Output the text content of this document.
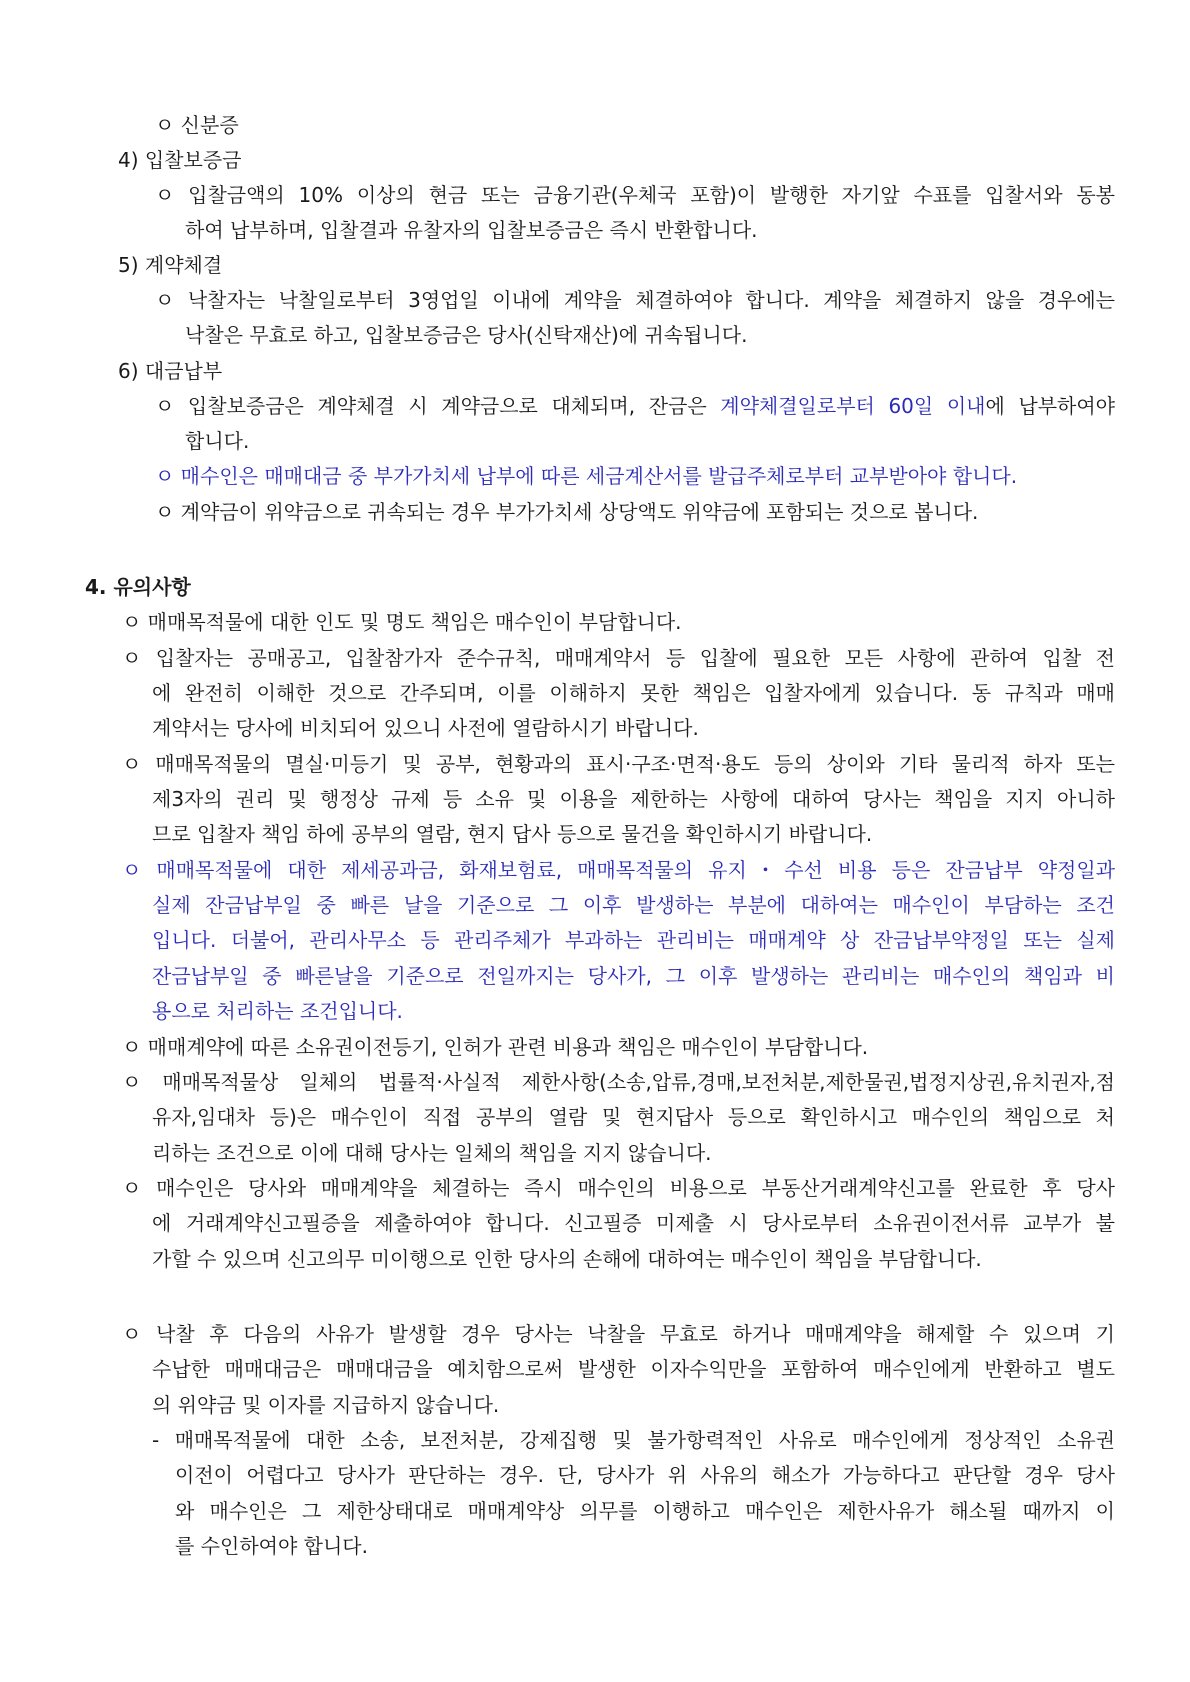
ㅇ 신분증
4) 입찰보증금
ㅇ 입찰금액의 10% 이상의 현금 또는 금융기관(우체국 포함)이 발행한 자기앞 수표를 입찰서와 동봉
하여 납부하며, 입찰결과 유찰자의 입찰보증금은 즉시 반환합니다.
5) 계약체결
ㅇ 낙찰자는 낙찰일로부터 3영업일 이내에 계약을 체결하여야 합니다. 계약을 체결하지 않을 경우에는
낙찰은 무효로 하고, 입찰보증금은 당사(신탁재산)에 귀속됩니다.
6) 대금납부
ㅇ 입찰보증금은 계약체결 시 계약금으로 대체되며, 잔금은 계약체결일로부터 60일 이내에 납부하여야
합니다.
ㅇ 매수인은 매매대금 중 부가가치세 납부에 따른 세금계산서를 발급주체로부터 교부받아야 합니다.
ㅇ 계약금이 위약금으로 귀속되는 경우 부가가치세 상당액도 위약금에 포함되는 것으로 봅니다.
4. 유의사항
ㅇ 매매목적물에 대한 인도 및 명도 책임은 매수인이 부담합니다.
ㅇ 입찰자는 공매공고, 입찰참가자 준수규칙, 매매계약서 등 입찰에 필요한 모든 사항에 관하여 입찰 전
에 완전히 이해한 것으로 간주되며, 이를 이해하지 못한 책임은 입찰자에게 있습니다. 동 규칙과 매매
계약서는 당사에 비치되어 있으니 사전에 열람하시기 바랍니다.
ㅇ 매매목적물의 멸실·미등기 및 공부, 현황과의 표시·구조·면적·용도 등의 상이와 기타 물리적 하자 또는
제3자의 권리 및 행정상 규제 등 소유 및 이용을 제한하는 사항에 대하여 당사는 책임을 지지 아니하
므로 입찰자 책임 하에 공부의 열람, 현지 답사 등으로 물건을 확인하시기 바랍니다.
ㅇ 매매목적물에 대한 제세공과금, 화재보험료, 매매목적물의 유지・수선 비용 등은 잔금납부 약정일과
실제 잔금납부일 중 빠른 날을 기준으로 그 이후 발생하는 부분에 대하여는 매수인이 부담하는 조건
입니다. 더불어, 관리사무소 등 관리주체가 부과하는 관리비는 매매계약 상 잔금납부약정일 또는 실제
잔금납부일 중 빠른날을 기준으로 전일까지는 당사가, 그 이후 발생하는 관리비는 매수인의 책임과 비
용으로 처리하는 조건입니다.
ㅇ 매매계약에 따른 소유권이전등기, 인허가 관련 비용과 책임은 매수인이 부담합니다.
ㅇ 매매목적물상 일체의 법률적·사실적 제한사항(소송,압류,경매,보전처분,제한물권,법정지상권,유치권자,점
유자,임대차 등)은 매수인이 직접 공부의 열람 및 현지답사 등으로 확인하시고 매수인의 책임으로 처
리하는 조건으로 이에 대해 당사는 일체의 책임을 지지 않습니다.
ㅇ 매수인은 당사와 매매계약을 체결하는 즉시 매수인의 비용으로 부동산거래계약신고를 완료한 후 당사
에 거래계약신고필증을 제출하여야 합니다. 신고필증 미제출 시 당사로부터 소유권이전서류 교부가 불
가할 수 있으며 신고의무 미이행으로 인한 당사의 손해에 대하여는 매수인이 책임을 부담합니다.
ㅇ 낙찰 후 다음의 사유가 발생할 경우 당사는 낙찰을 무효로 하거나 매매계약을 해제할 수 있으며 기
수납한 매매대금은 매매대금을 예치함으로써 발생한 이자수익만을 포함하여 매수인에게 반환하고 별도
의 위약금 및 이자를 지급하지 않습니다.
- 매매목적물에 대한 소송, 보전처분, 강제집행 및 불가항력적인 사유로 매수인에게 정상적인 소유권
이전이 어렵다고 당사가 판단하는 경우. 단, 당사가 위 사유의 해소가 가능하다고 판단할 경우 당사
와 매수인은 그 제한상태대로 매매계약상 의무를 이행하고 매수인은 제한사유가 해소될 때까지 이
를 수인하여야 합니다.
